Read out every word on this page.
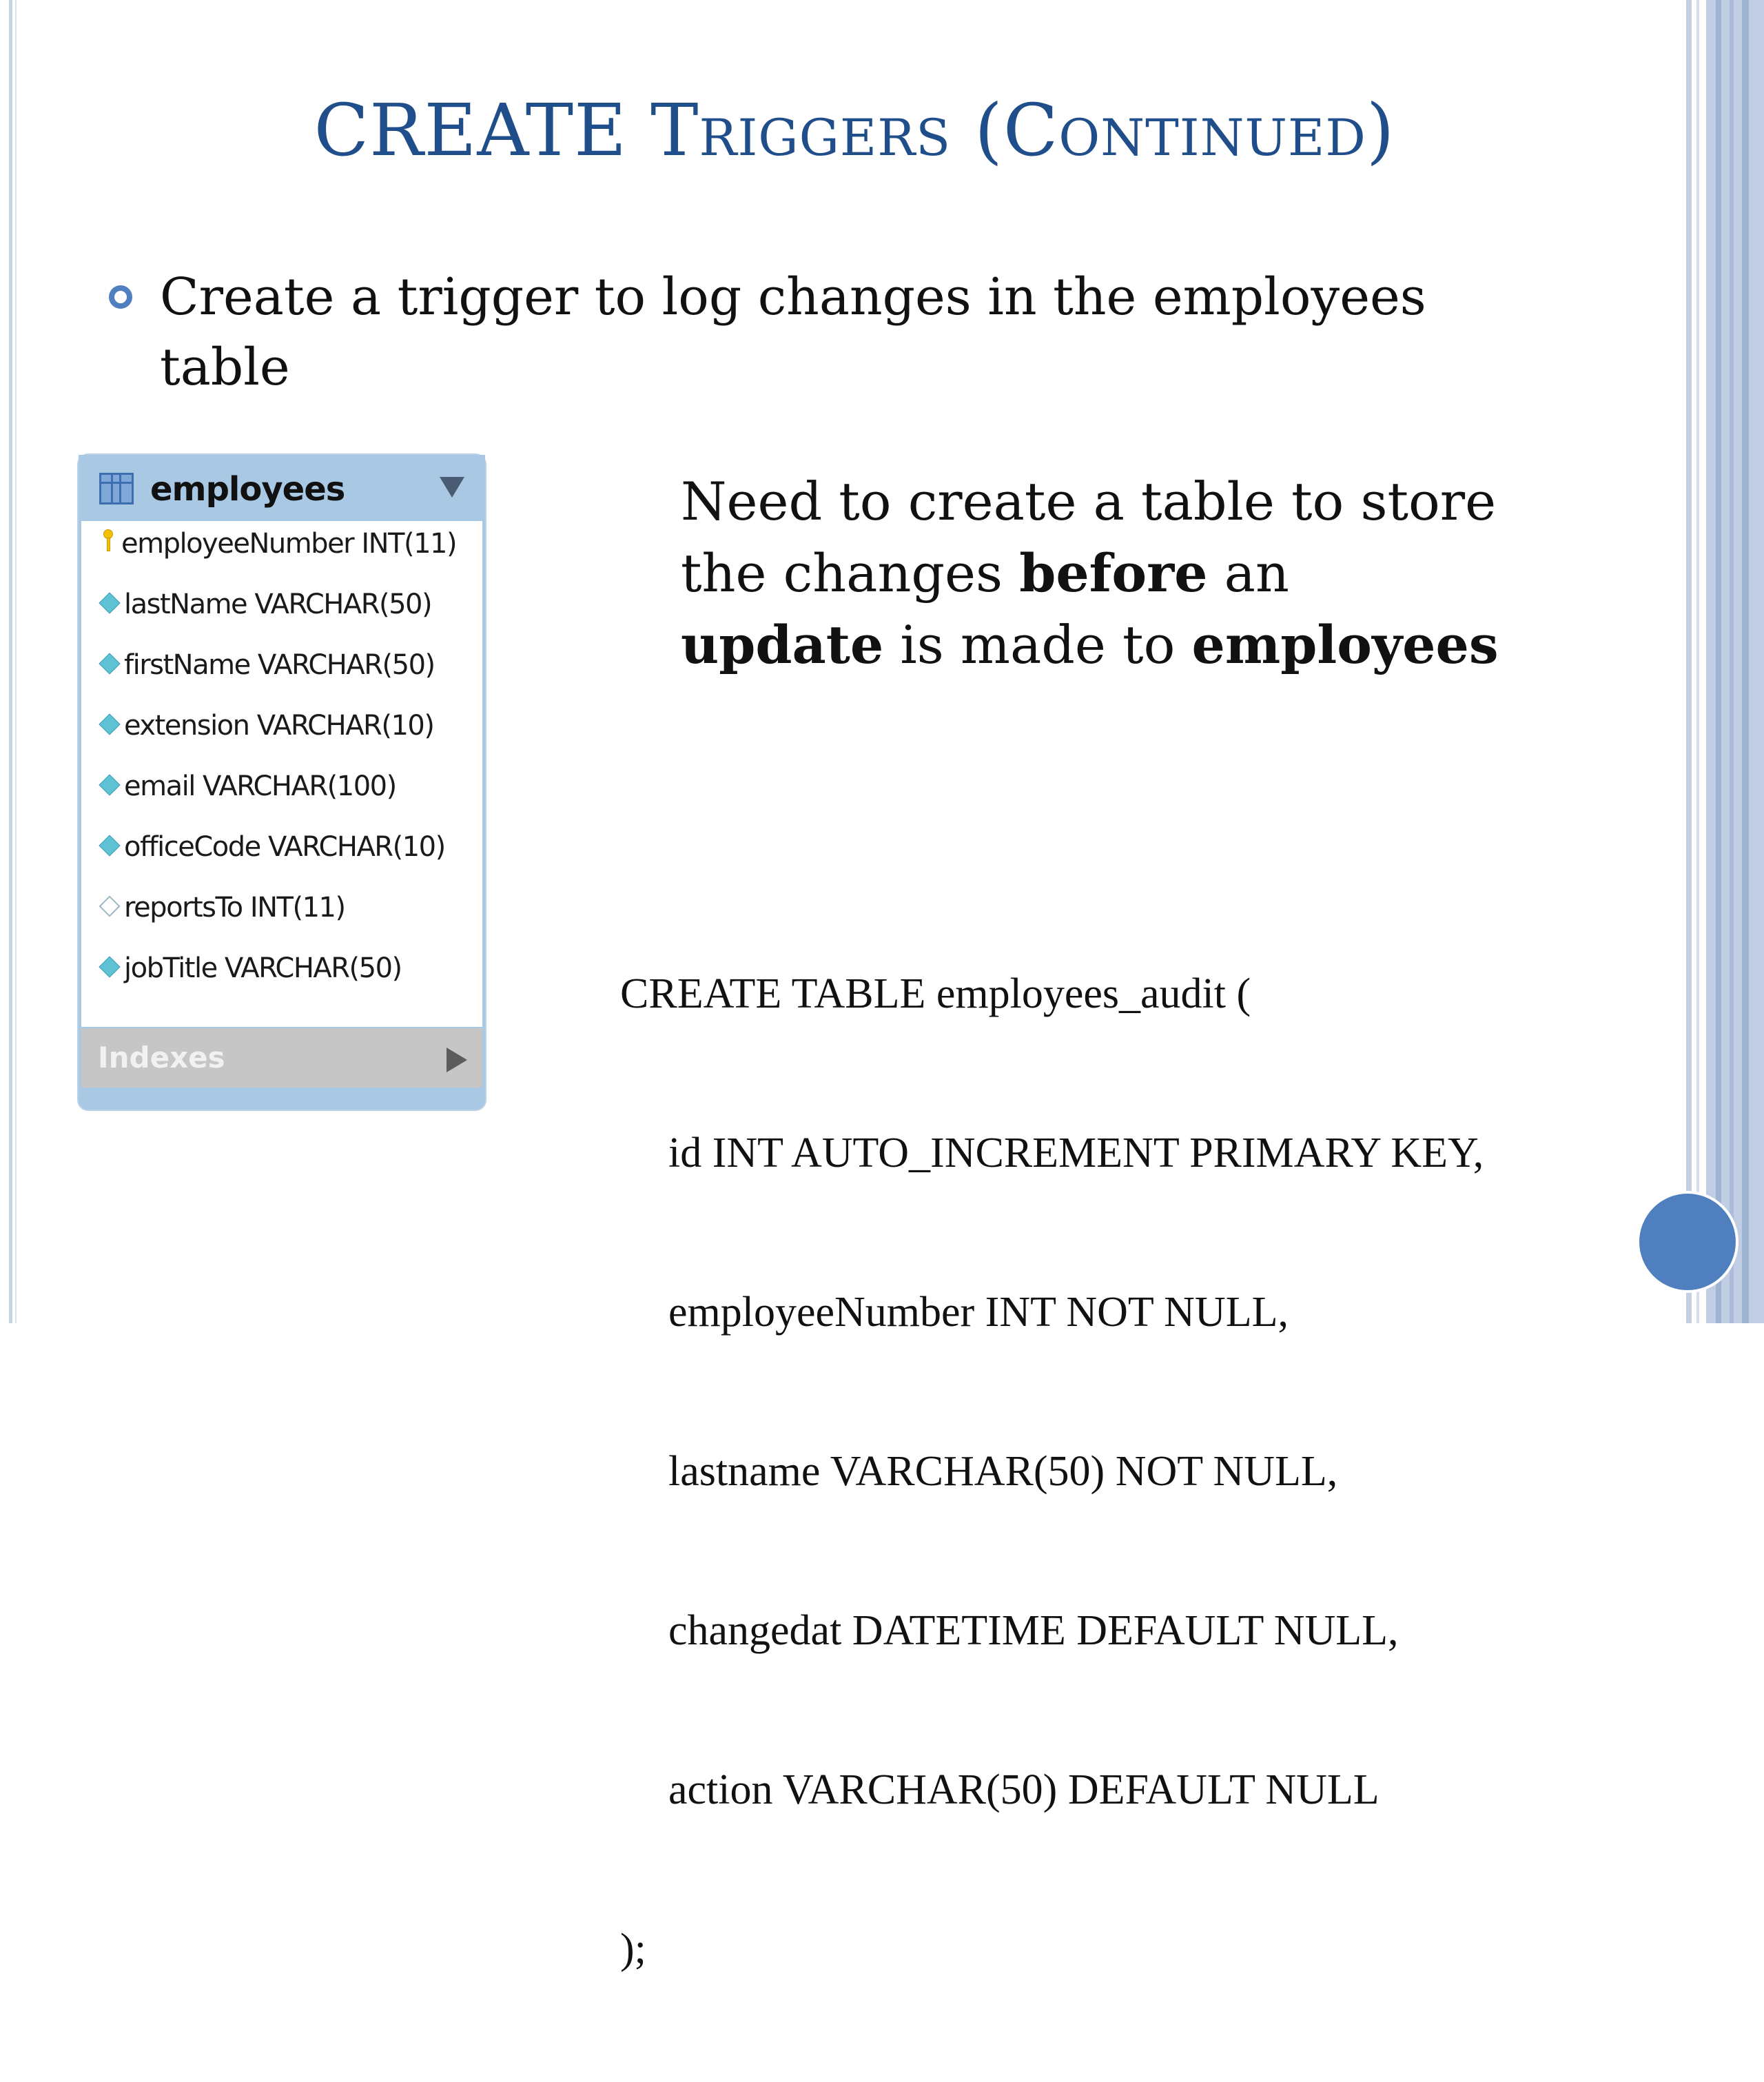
CREATE Triggers (Continued)
Create a trigger to log changes in the employees table
employees
employeeNumber INT(11)
lastName VARCHAR(50)
firstName VARCHAR(50)
extension VARCHAR(10)
email VARCHAR(100)
officeCode VARCHAR(10)
reportsTo INT(11)
jobTitle VARCHAR(50)
Indexes
Need to create a table to store
the changes before an
update is made to employees

CREATE TABLE employees_audit (

id INT AUTO_INCREMENT PRIMARY KEY,

employeeNumber INT NOT NULL,

lastname VARCHAR(50) NOT NULL,

changedat DATETIME DEFAULT NULL,

action VARCHAR(50) DEFAULT NULL

);
